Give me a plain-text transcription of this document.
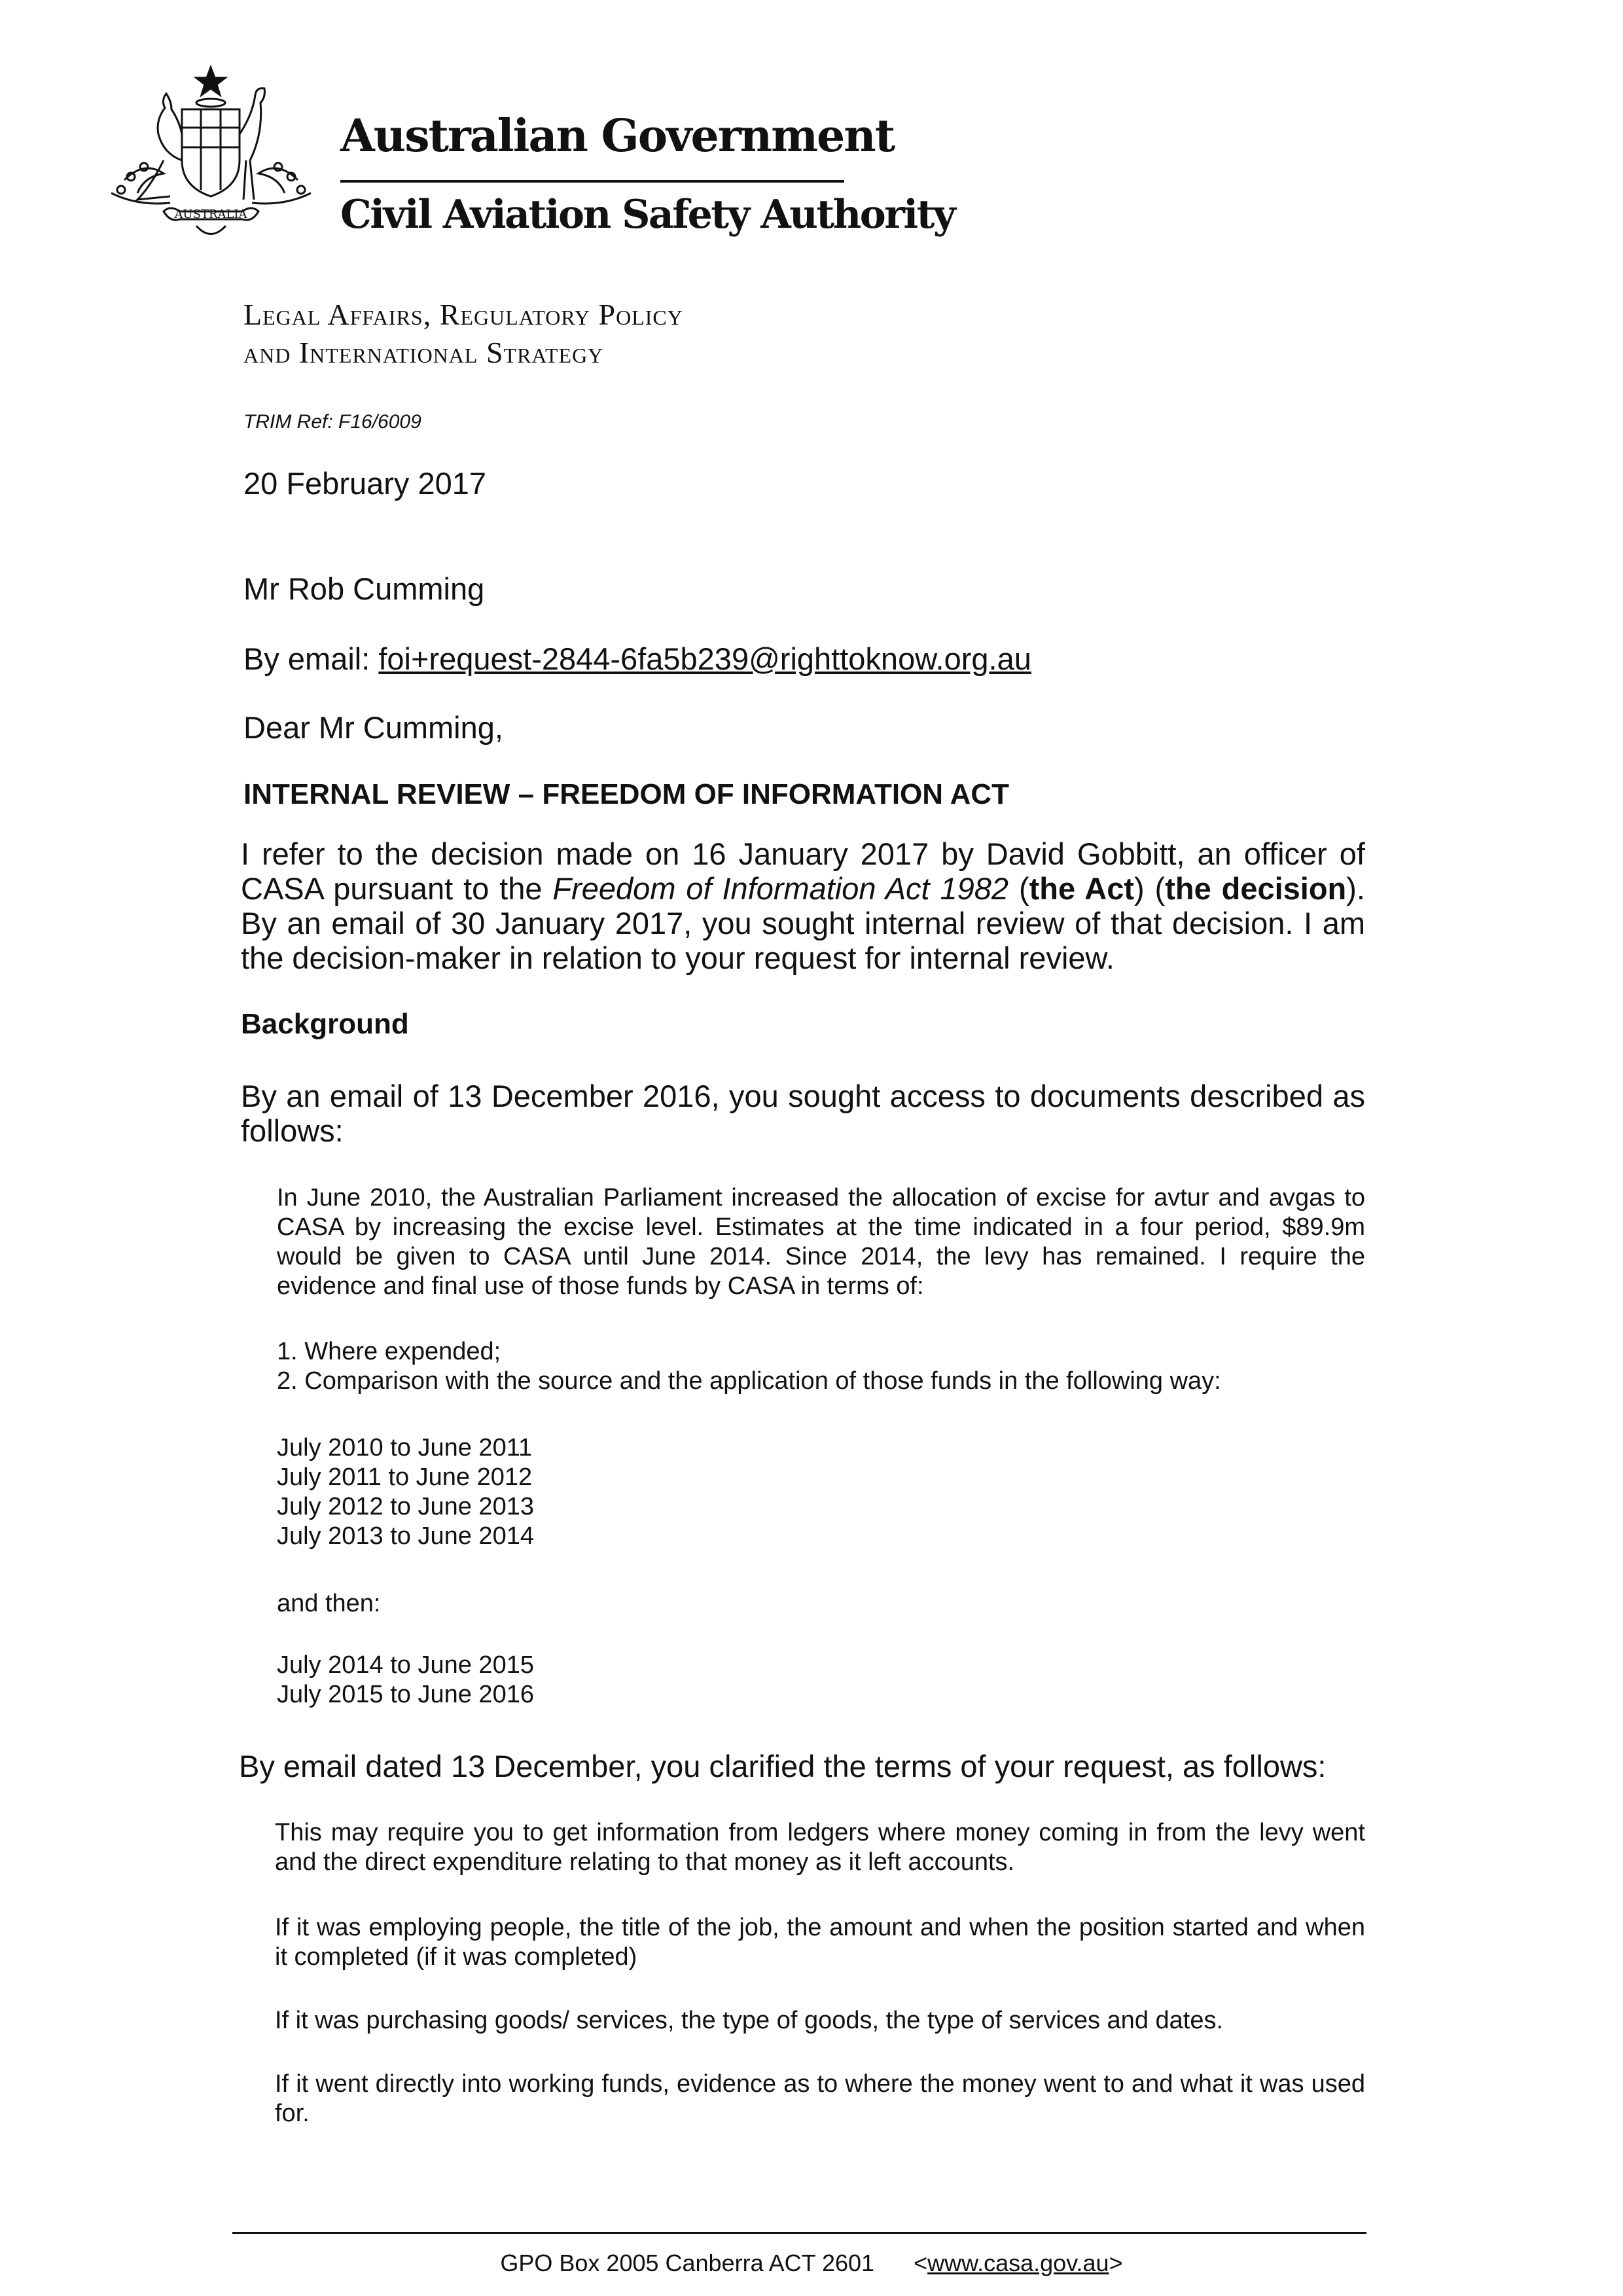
AUSTRALIA
Australian Government
Civil Aviation Safety Authority
Legal Affairs, Regulatory Policy
and International Strategy
TRIM Ref: F16/6009
20 February 2017
Mr Rob Cumming
By email: foi+request-2844-6fa5b239@righttoknow.org.au
Dear Mr Cumming,
INTERNAL REVIEW – FREEDOM OF INFORMATION ACT
I refer to the decision made on 16 January 2017 by David Gobbitt, an officer of CASA pursuant to the Freedom of Information Act 1982 (the Act) (the decision). By an email of 30 January 2017, you sought internal review of that decision. I am the decision-maker in relation to your request for internal review.
Background
By an email of 13 December 2016, you sought access to documents described as follows:
In June 2010, the Australian Parliament increased the allocation of excise for avtur and avgas to CASA by increasing the excise level. Estimates at the time indicated in a four period, $89.9m would be given to CASA until June 2014. Since 2014, the levy has remained. I require the evidence and final use of those funds by CASA in terms of:
1. Where expended;
2. Comparison with the source and the application of those funds in the following way:
July 2010 to June 2011
July 2011 to June 2012
July 2012 to June 2013
July 2013 to June 2014
and then:
July 2014 to June 2015
July 2015 to June 2016
By email dated 13 December, you clarified the terms of your request, as follows:
This may require you to get information from ledgers where money coming in from the levy went and the direct expenditure relating to that money as it left accounts.
If it was employing people, the title of the job, the amount and when the position started and when it completed (if it was completed)
If it was purchasing goods/ services, the type of goods, the type of services and dates.
If it went directly into working funds, evidence as to where the money went to and what it was used for.
GPO Box 2005 Canberra ACT 2601 <www.casa.gov.au>
